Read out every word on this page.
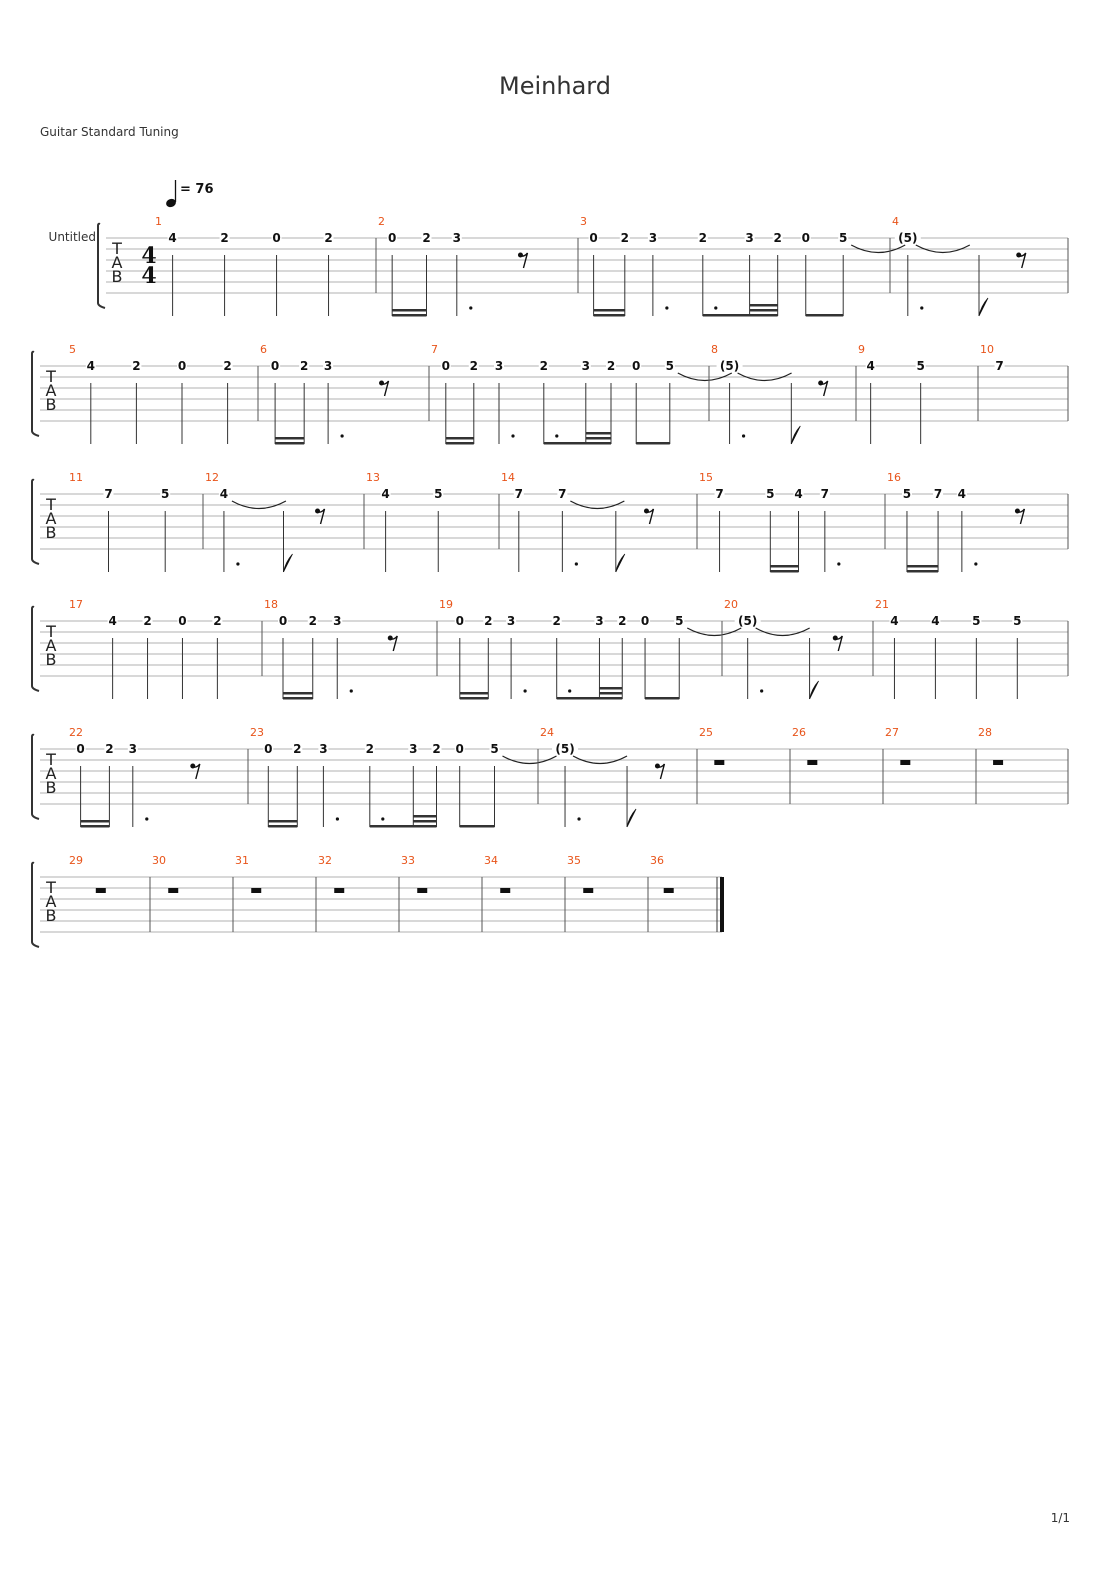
Meinhard
Guitar Standard Tuning
1/1
= 76
T
A
B
Untitled
4
4
1
4	2	0	2
2
0 2 3
3
0 2 3	2	3 2 0 5
4
(5)
T
A
B
5
4	2	0	2
6
0 2 3
7
0 2 3	2	3 2 0 5
8
(5)
9
4	5
10
7
T
A
B
11
7	5
12
4
13
4	5
14
7	7
15
7	5 4 7
16
5 7 4
T
A
B
17
4 2 0 2
18
0 2 3
19
0 2 3	2	3 2 0 5
20
(5)
21
4	4	5	5
T
A
B
22
0 2 3
23
0 2 3	2	3 2 0 5
24
(5)
25	26	27	28
T
A
B
29	30	31	32	33	34	35	36
